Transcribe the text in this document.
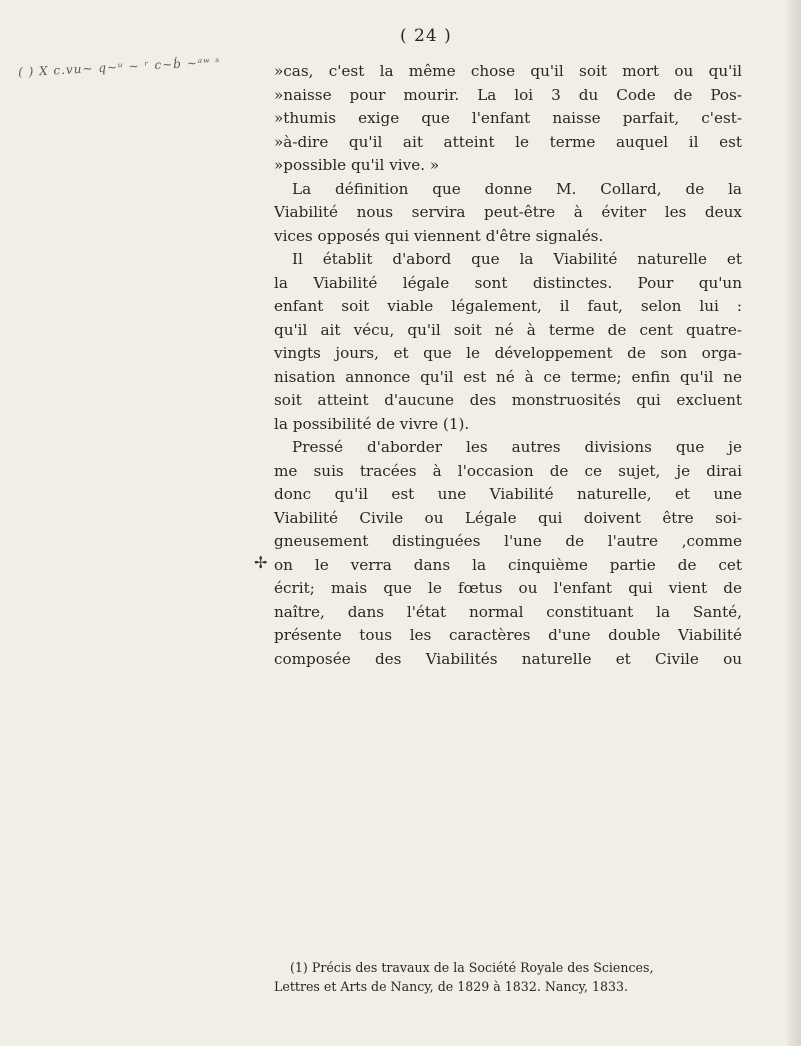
( 24 )
( ) X c.vu~ q~ᵘ ~ ʳ c~ḃ ~ᵃʷ ˢ
✢
»cas, c'est la même chose qu'il soit mort ou qu'il
»naisse pour mourir. La loi 3 du Code de Pos-
»thumis exige que l'enfant naisse parfait, c'est-
»à-dire qu'il ait atteint le terme auquel il est
»possible qu'il vive. »
La définition que donne M. Collard, de la
Viabilité nous servira peut-être à éviter les deux
vices opposés qui viennent d'être signalés.
Il établit d'abord que la Viabilité naturelle et
la Viabilité légale sont distinctes. Pour qu'un
enfant soit viable légalement, il faut, selon lui :
qu'il ait vécu, qu'il soit né à terme de cent quatre-
vingts jours, et que le développement de son orga-
nisation annonce qu'il est né à ce terme; enfin qu'il ne
soit atteint d'aucune des monstruosités qui excluent
la possibilité de vivre (1).
Pressé d'aborder les autres divisions que je
me suis tracées à l'occasion de ce sujet, je dirai
donc qu'il est une Viabilité naturelle, et une
Viabilité Civile ou Légale qui doivent être soi-
gneusement distinguées l'une de l'autre ,comme
on le verra dans la cinquième partie de cet
écrit; mais que le fœtus ou l'enfant qui vient de
naître, dans l'état normal constituant la Santé,
présente tous les caractères d'une double Viabilité
composée des Viabilités naturelle et Civile ou
(1) Précis des travaux de la Société Royale des Sciences,
Lettres et Arts de Nancy, de 1829 à 1832. Nancy, 1833.
